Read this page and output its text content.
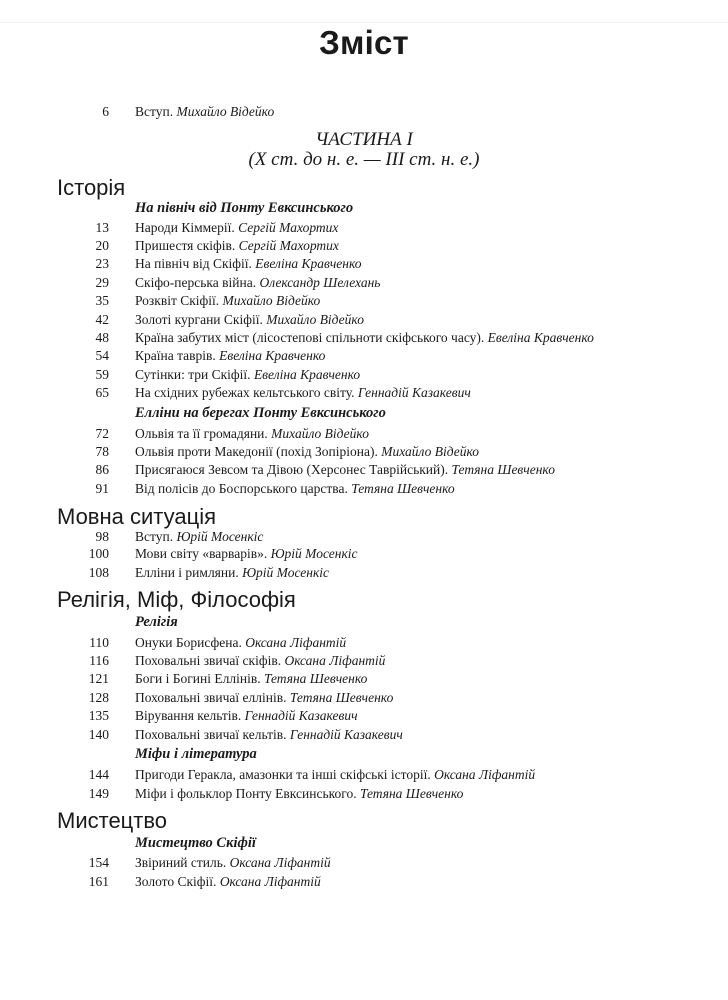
Зміст
6 Вступ. Михайло Відейко
ЧАСТИНА І
(Х ст. до н. е. — ІІІ ст. н. е.)
Історія
На північ від Понту Евксинського
13 Народи Кіммерії. Сергій Махортих
20 Пришестя скіфів. Сергій Махортих
23 На північ від Скіфії. Евеліна Кравченко
29 Скіфо-перська війна. Олександр Шелехань
35 Розквіт Скіфії. Михайло Відейко
42 Золоті кургани Скіфії. Михайло Відейко
48 Країна забутих міст (лісостепові спільноти скіфського часу). Евеліна Кравченко
54 Країна таврів. Евеліна Кравченко
59 Сутінки: три Скіфії. Евеліна Кравченко
65 На східних рубежах кельтського світу. Геннадій Казакевич
Елліни на берегах Понту Евксинського
72 Ольвія та її громадяни. Михайло Відейко
78 Ольвія проти Македонії (похід Зопіріона). Михайло Відейко
86 Присягаюся Зевсом та Дівою (Херсонес Таврійський). Тетяна Шевченко
91 Від полісів до Боспорського царства. Тетяна Шевченко
Мовна ситуація
98 Вступ. Юрій Мосенкіс
100 Мови світу «варварів». Юрій Мосенкіс
108 Елліни і римляни. Юрій Мосенкіс
Релігія, Міф, Філософія
Релігія
110 Онуки Борисфена. Оксана Ліфантій
116 Поховальні звичаї скіфів. Оксана Ліфантій
121 Боги і Богині Еллінів. Тетяна Шевченко
128 Поховальні звичаї еллінів. Тетяна Шевченко
135 Вірування кельтів. Геннадій Казакевич
140 Поховальні звичаї кельтів. Геннадій Казакевич
Міфи і література
144 Пригоди Геракла, амазонки та інші скіфські історії. Оксана Ліфантій
149 Міфи і фольклор Понту Евксинського. Тетяна Шевченко
Мистецтво
Мистецтво Скіфії
154 Звіриний стиль. Оксана Ліфантій
161 Золото Скіфії. Оксана Ліфантій
